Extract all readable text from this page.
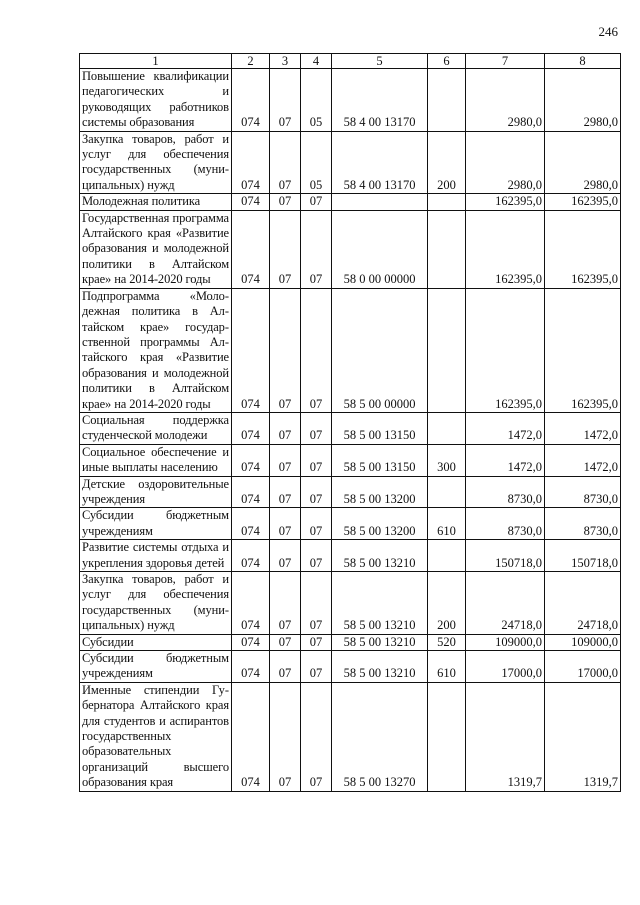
246
1	2	3	4	5	6	7	8
Повышение квалификации педагогических и руководящих работников системы образования	074	07	05	58 4 00 13170		2980,0	2980,0
Закупка товаров, работ и услуг для обеспечения государственных (муниципальных) нужд	074	07	05	58 4 00 13170	200	2980,0	2980,0
Молодежная политика	074	07	07			162395,0	162395,0
Государственная программа Алтайского края «Развитие образования и молодежной политики в Алтайском крае» на 2014-2020 годы	074	07	07	58 0 00 00000		162395,0	162395,0
Подпрограмма «Молодежная политика в Алтайском крае» государственной программы Алтайского края «Развитие образования и молодежной политики в Алтайском крае» на 2014-2020 годы	074	07	07	58 5 00 00000		162395,0	162395,0
Социальная поддержка студенческой молодежи	074	07	07	58 5 00 13150		1472,0	1472,0
Социальное обеспечение и иные выплаты населению	074	07	07	58 5 00 13150	300	1472,0	1472,0
Детские оздоровительные учреждения	074	07	07	58 5 00 13200		8730,0	8730,0
Субсидии бюджетным учреждениям	074	07	07	58 5 00 13200	610	8730,0	8730,0
Развитие системы отдыха и укрепления здоровья детей	074	07	07	58 5 00 13210		150718,0	150718,0
Закупка товаров, работ и услуг для обеспечения государственных (муниципальных) нужд	074	07	07	58 5 00 13210	200	24718,0	24718,0
Субсидии	074	07	07	58 5 00 13210	520	109000,0	109000,0
Субсидии бюджетным учреждениям	074	07	07	58 5 00 13210	610	17000,0	17000,0
Именные стипендии Губернатора Алтайского края для студентов и аспирантов государственных образовательных организаций высшего образования края	074	07	07	58 5 00 13270		1319,7	1319,7
